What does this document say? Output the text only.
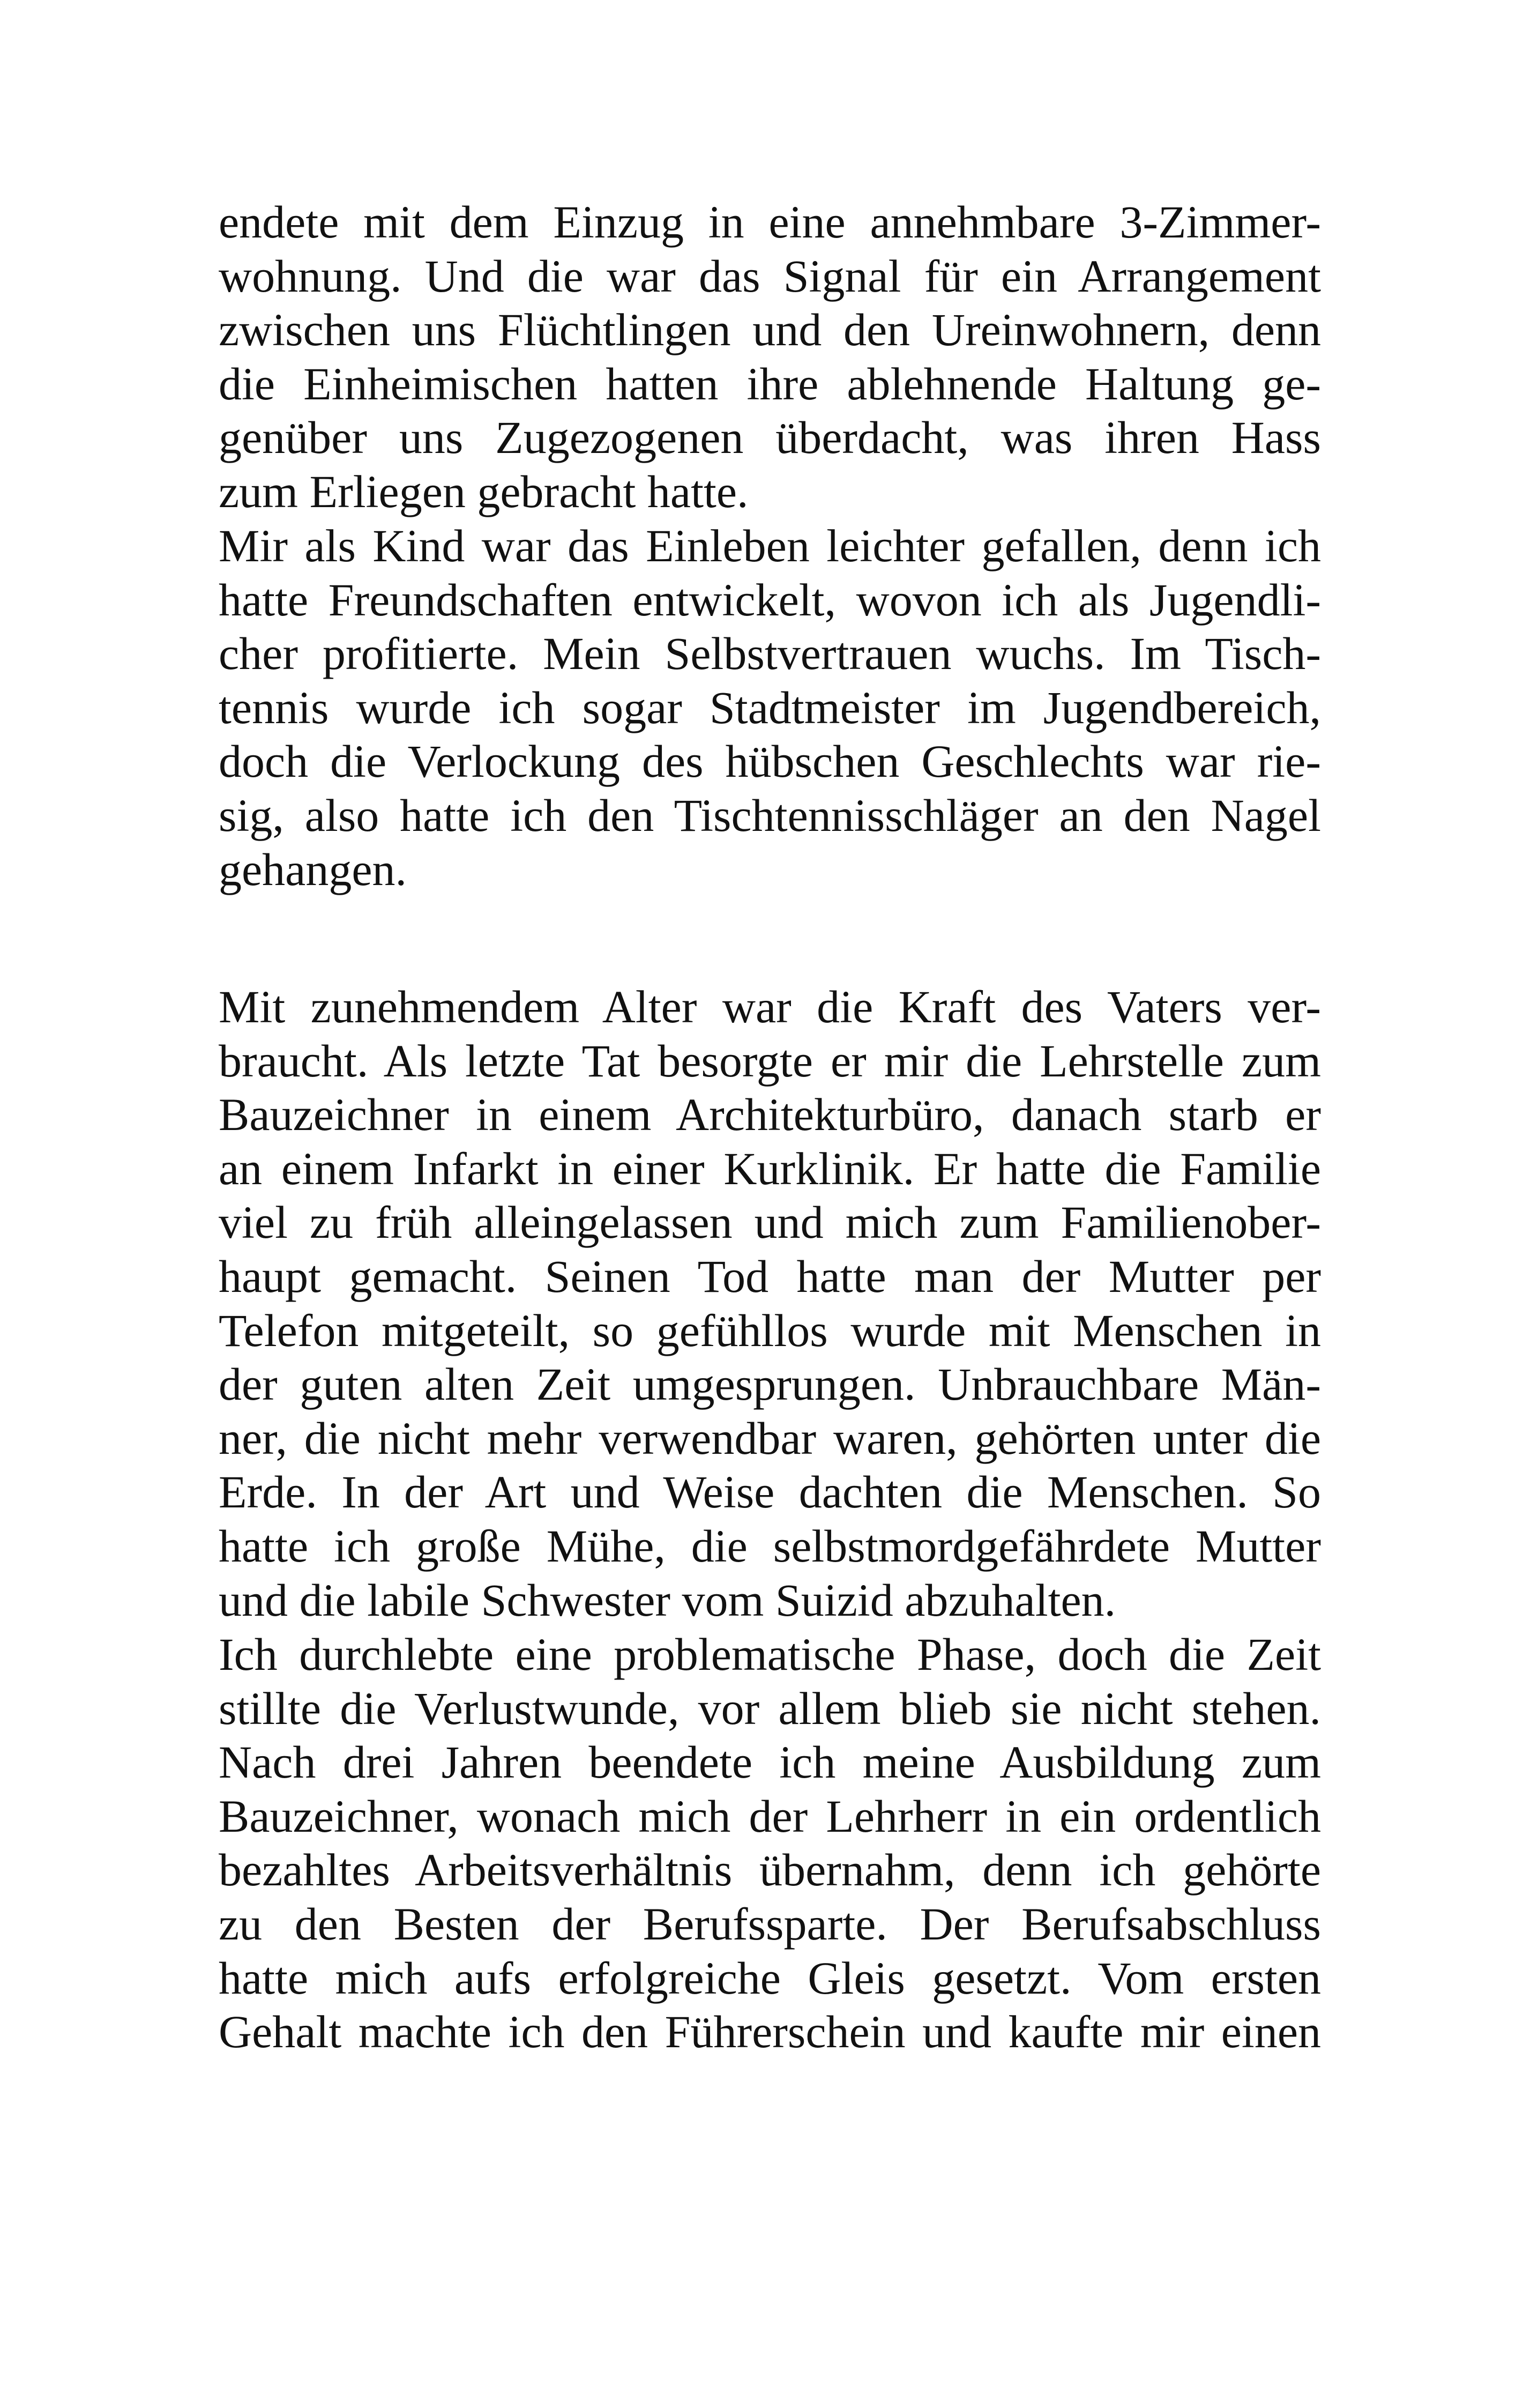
endete mit dem Einzug in eine annehmbare 3-Zimmer-
wohnung. Und die war das Signal für ein Arrangement
zwischen uns Flüchtlingen und den Ureinwohnern, denn
die Einheimischen hatten ihre ablehnende Haltung ge-
genüber uns Zugezogenen überdacht, was ihren Hass
zum Erliegen gebracht hatte.
Mir als Kind war das Einleben leichter gefallen, denn ich
hatte Freundschaften entwickelt, wovon ich als Jugendli-
cher profitierte. Mein Selbstvertrauen wuchs. Im Tisch-
tennis wurde ich sogar Stadtmeister im Jugendbereich,
doch die Verlockung des hübschen Geschlechts war rie-
sig, also hatte ich den Tischtennisschläger an den Nagel
gehangen.
Mit zunehmendem Alter war die Kraft des Vaters ver-
braucht. Als letzte Tat besorgte er mir die Lehrstelle zum
Bauzeichner in einem Architekturbüro, danach starb er
an einem Infarkt in einer Kurklinik. Er hatte die Familie
viel zu früh alleingelassen und mich zum Familienober-
haupt gemacht. Seinen Tod hatte man der Mutter per
Telefon mitgeteilt, so gefühllos wurde mit Menschen in
der guten alten Zeit umgesprungen. Unbrauchbare Män-
ner, die nicht mehr verwendbar waren, gehörten unter die
Erde. In der Art und Weise dachten die Menschen. So
hatte ich große Mühe, die selbstmordgefährdete Mutter
und die labile Schwester vom Suizid abzuhalten.
Ich durchlebte eine problematische Phase, doch die Zeit
stillte die Verlustwunde, vor allem blieb sie nicht stehen.
Nach drei Jahren beendete ich meine Ausbildung zum
Bauzeichner, wonach mich der Lehrherr in ein ordentlich
bezahltes Arbeitsverhältnis übernahm, denn ich gehörte
zu den Besten der Berufssparte. Der Berufsabschluss
hatte mich aufs erfolgreiche Gleis gesetzt. Vom ersten
Gehalt machte ich den Führerschein und kaufte mir einen
